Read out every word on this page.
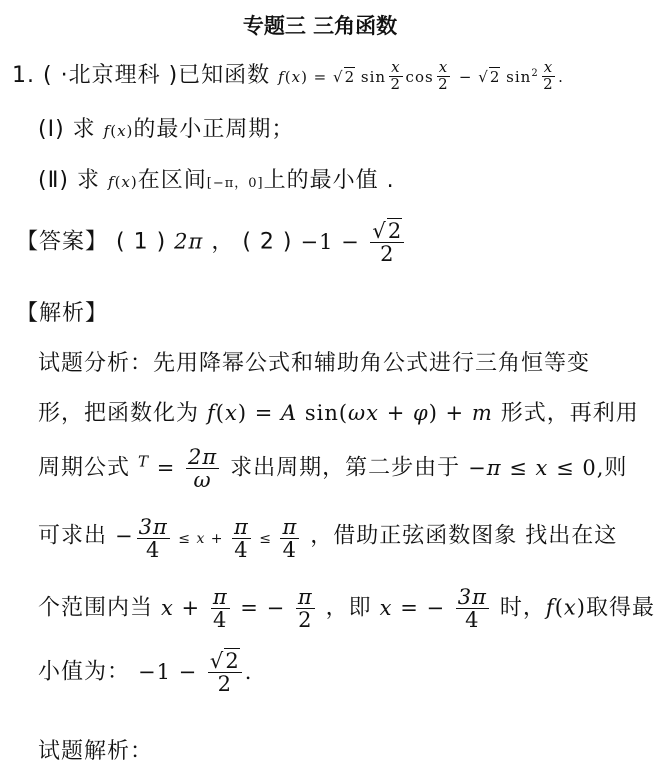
专题三 三角函数
1. ( ·北京理科 )已知函数 f(x) = √2 $\sin \frac{x}{2}$ $\cos \frac{x}{2} - √2$ $\sin^2 \frac{x}{2}$ .
(Ⅰ) 求 f(x)的最小正周期；
(Ⅱ) 求 f(x)在区间[−π，0]上的最小值 .
【答案】 ( 1 ) 2π ， ( 2 ) $-1 - \frac{√2}{2}$
【解析】
试题分析：先用降幂公式和辅助角公式进行三角恒等变
形，把函数化为 f(x) = A sin(ωx + φ) + m 形式，再利用
周期公式 $^T = \frac{2\pi}{\omega}$ 求出周期，第二步由于 −π ≤ x ≤ 0,则
可求出 − $\frac{3\pi}{4} \le x + \frac{\pi}{4} \le \frac{\pi}{4}$ ，借助正弦函数图象 找出在这
个范围内当 $x + \frac{\pi}{4}$ = − $\frac{\pi}{2}$ ，即 x = − $\frac{3\pi}{4}$ 时，f(x)取得最
小值为： $-1 - \frac{√2}{2}$ .
试题解析：
